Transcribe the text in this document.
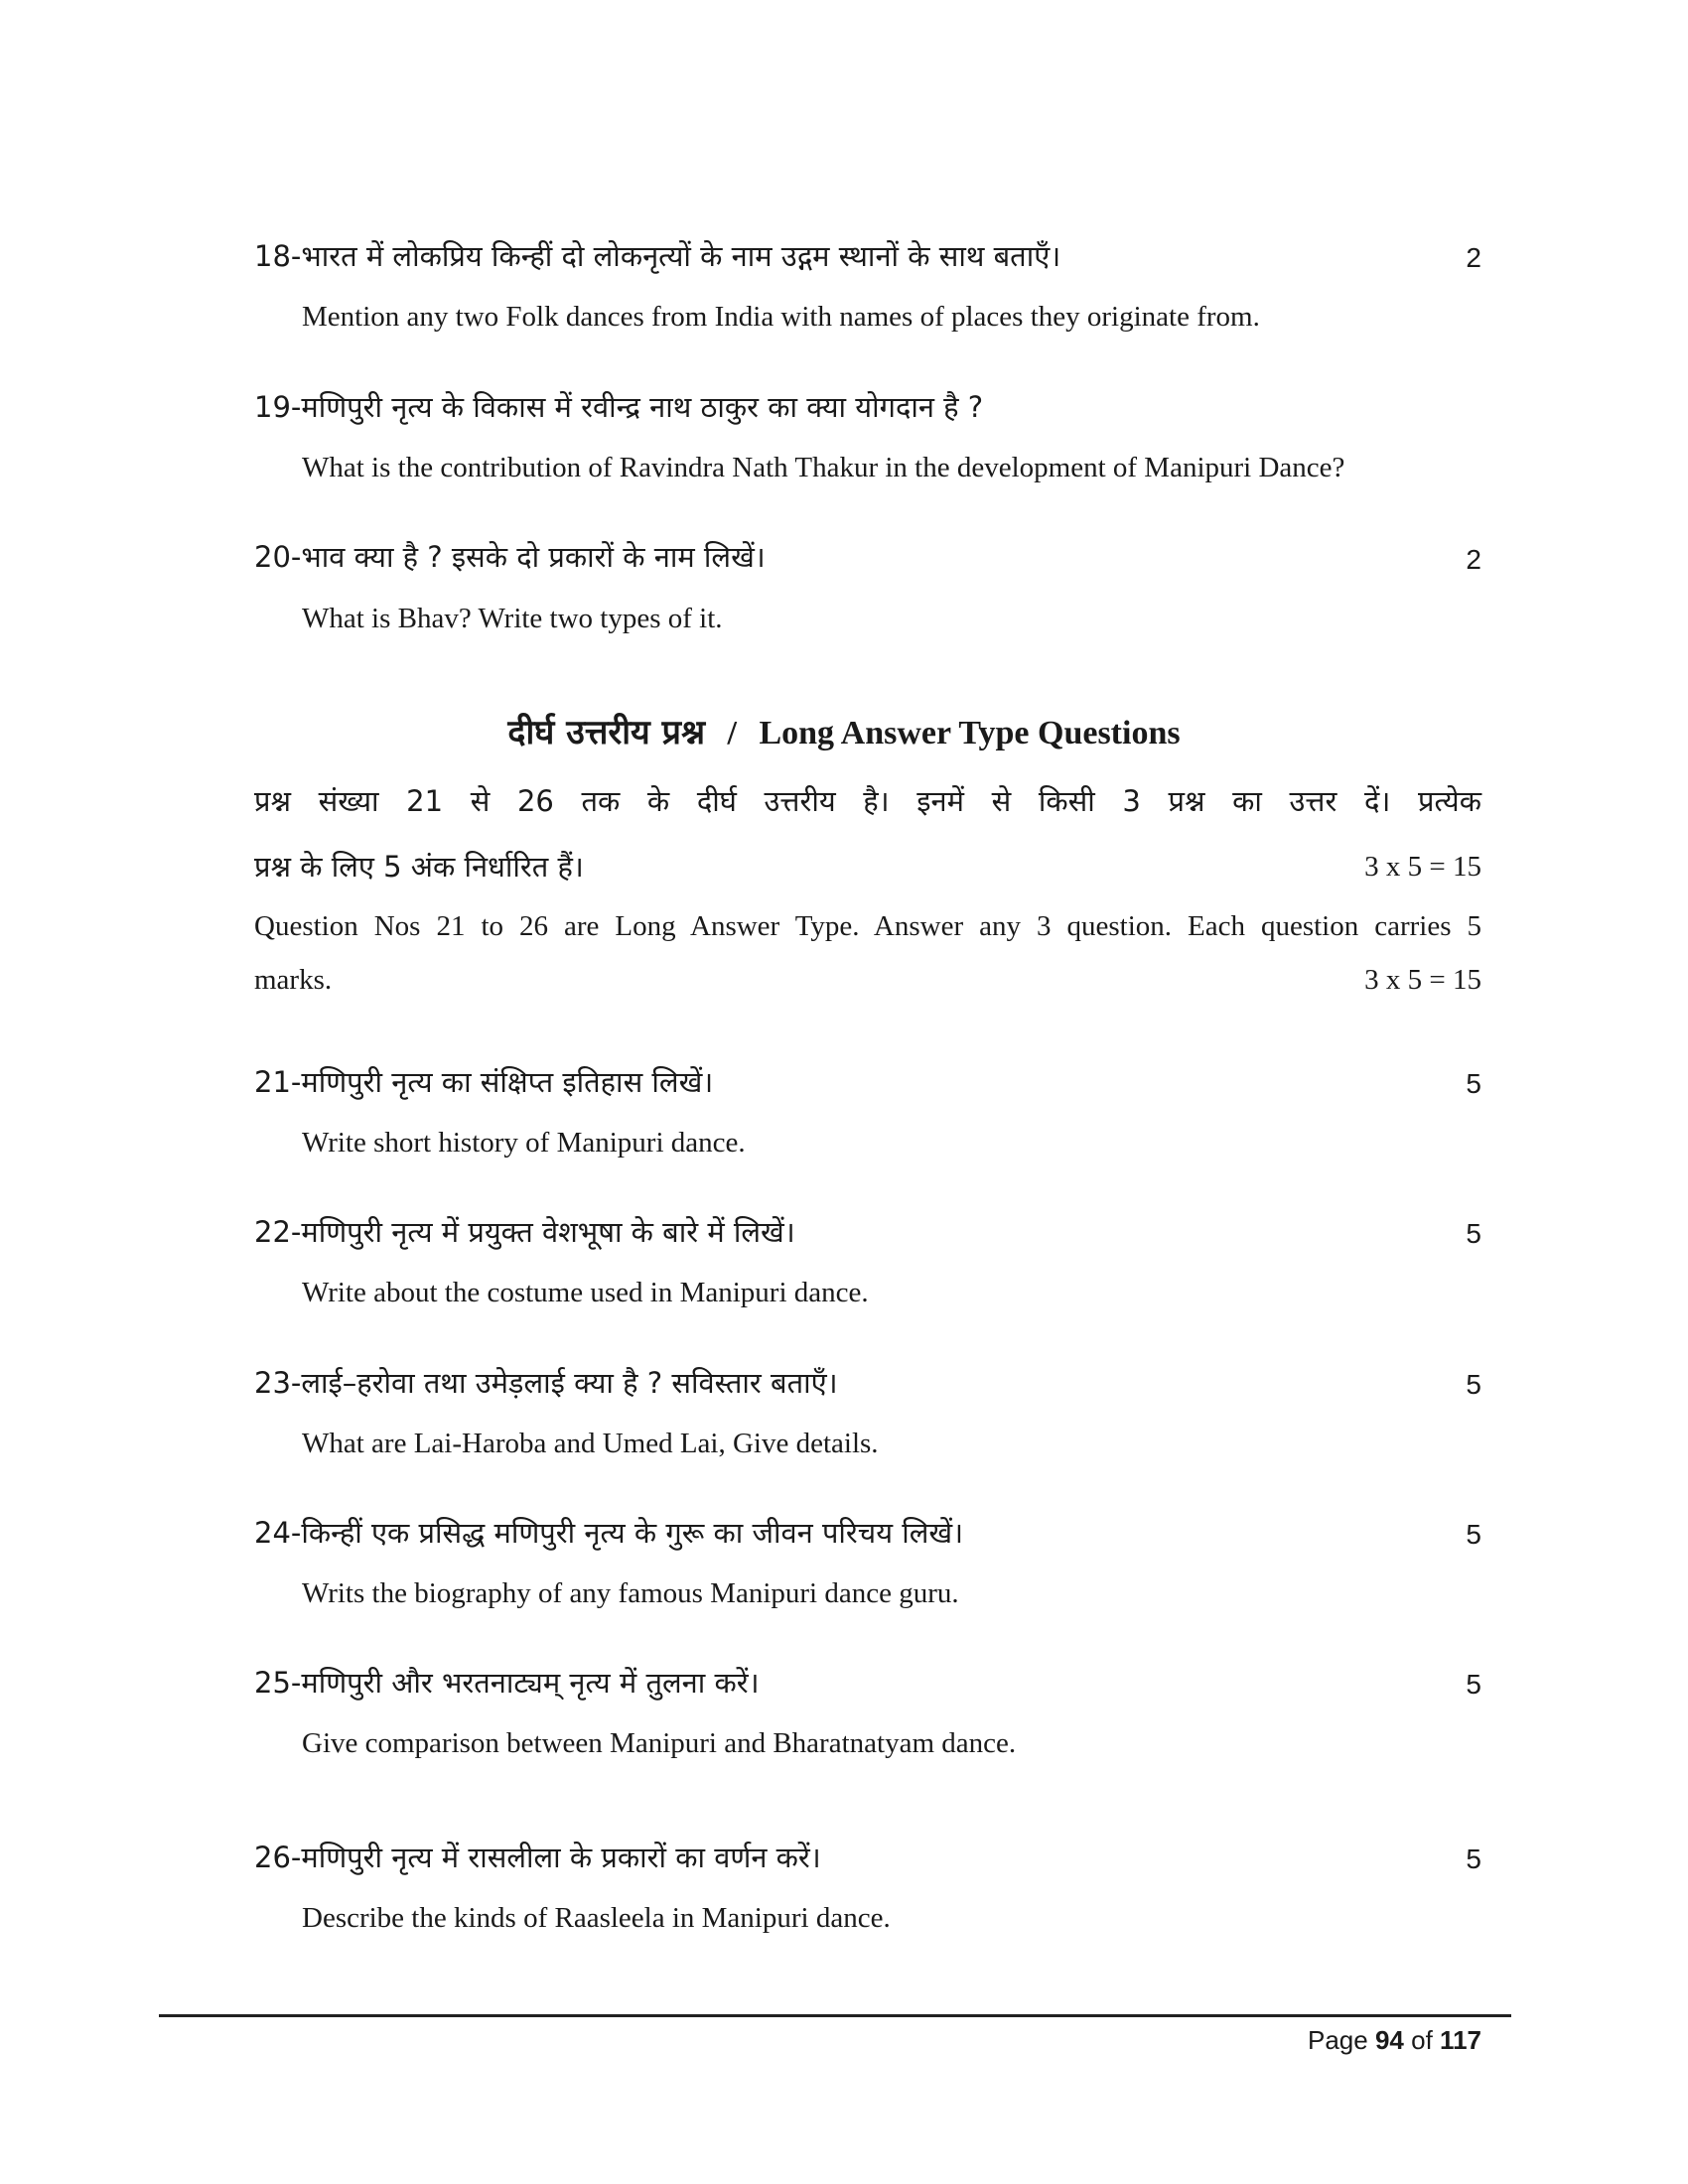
18-भारत में लोकप्रिय किन्हीं दो लोकनृत्यों के नाम उद्गम स्थानों के साथ बताएँ।	2
Mention any two Folk dances from India with names of places they originate from.
19-मणिपुरी नृत्य के विकास में रवीन्द्र नाथ ठाकुर का क्या योगदान है ?
What is the contribution of Ravindra Nath Thakur in the development of Manipuri Dance?
20-भाव क्या है ? इसके दो प्रकारों के नाम लिखें।	2
What is Bhav? Write two types of it.
दीर्घ उत्तरीय प्रश्न / Long Answer Type Questions
प्रश्न संख्या 21 से 26 तक के दीर्घ उत्तरीय है। इनमें से किसी 3 प्रश्न का उत्तर दें। प्रत्येक
प्रश्न के लिए 5 अंक निर्धारित हैं।	3 x 5 = 15
Question Nos 21 to 26 are Long Answer Type. Answer any 3 question. Each question carries 5
marks.	3 x 5 = 15
21-मणिपुरी नृत्य का संक्षिप्त इतिहास लिखें।	5
Write short history of Manipuri dance.
22-मणिपुरी नृत्य में प्रयुक्त वेशभूषा के बारे में लिखें।	5
Write about the costume used in Manipuri dance.
23-लाई–हरोवा तथा उमेड़लाई क्या है ? सविस्तार बताएँ।	5
What are Lai-Haroba and Umed Lai, Give details.
24-किन्हीं एक प्रसिद्ध मणिपुरी नृत्य के गुरू का जीवन परिचय लिखें।	5
Writs the biography of any famous Manipuri dance guru.
25-मणिपुरी और भरतनाट्यम् नृत्य में तुलना करें।	5
Give comparison between Manipuri and Bharatnatyam dance.
26-मणिपुरी नृत्य में रासलीला के प्रकारों का वर्णन करें।	5
Describe the kinds of Raasleela in Manipuri dance.
Page 94 of 117
